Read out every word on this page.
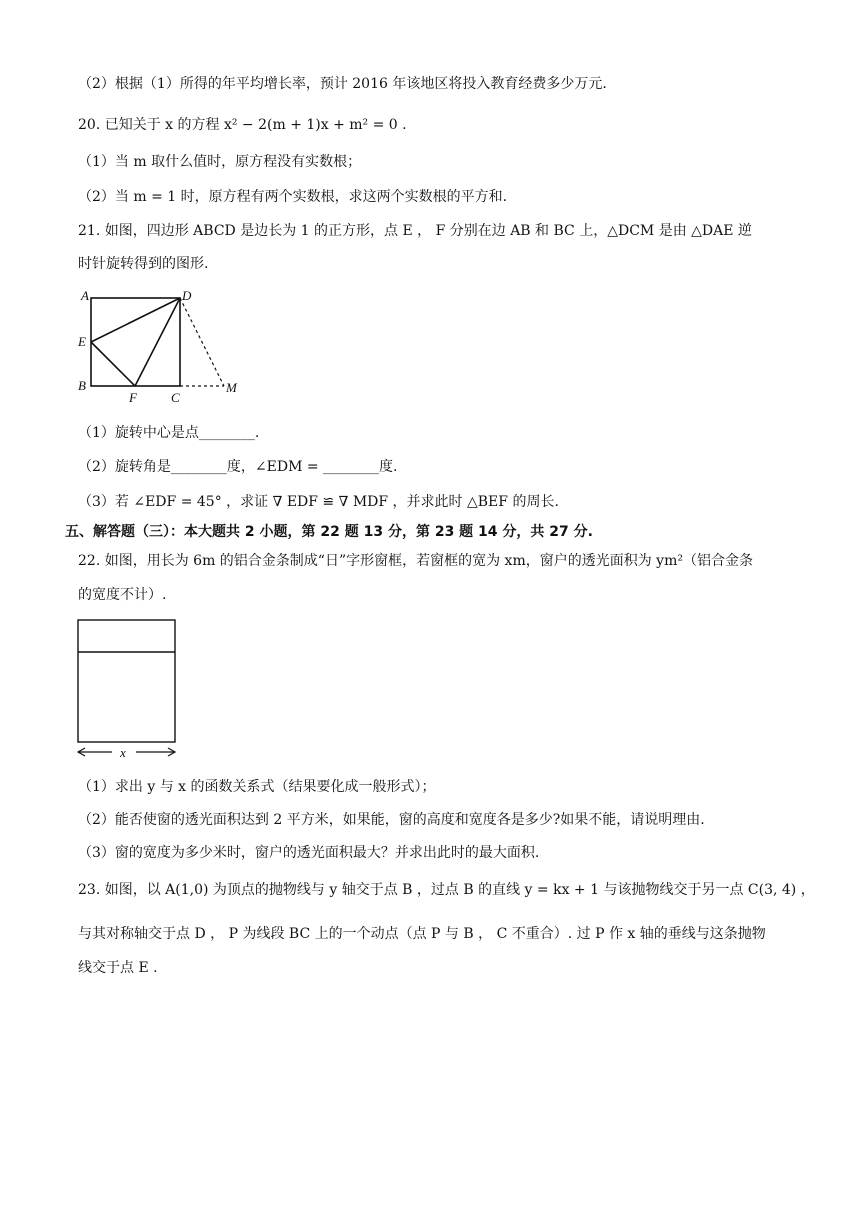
（2）根据（1）所得的年平均增长率，预计 2016 年该地区将投入教育经费多少万元.
20. 已知关于 x 的方程 x² − 2(m + 1)x + m² = 0 .
（1）当 m 取什么值时，原方程没有实数根；
（2）当 m = 1 时，原方程有两个实数根，求这两个实数根的平方和.
21. 如图，四边形 ABCD 是边长为 1 的正方形，点 E ， F 分别在边 AB 和 BC 上，△DCM 是由 △DAE 逆
时针旋转得到的图形.
A	D
E
B
F	C
M
（1）旋转中心是点________.
（2）旋转角是________度，∠EDM = ________度.
（3）若 ∠EDF = 45° ，求证 ∇ EDF ≌ ∇ MDF ，并求此时 △BEF 的周长.
五、解答题（三）：本大题共 2 小题，第 22 题 13 分，第 23 题 14 分，共 27 分.
22. 如图，用长为 6m 的铝合金条制成“日”字形窗框，若窗框的宽为 xm，窗户的透光面积为 ym²（铝合金条
的宽度不计）.
x
（1）求出 y 与 x 的函数关系式（结果要化成一般形式）；
（2）能否使窗的透光面积达到 2 平方米，如果能，窗的高度和宽度各是多少?如果不能，请说明理由.
（3）窗的宽度为多少米时，窗户的透光面积最大？并求出此时的最大面积.
23. 如图，以 A(1,0) 为顶点的抛物线与 y 轴交于点 B ，过点 B 的直线 y = kx + 1 与该抛物线交于另一点 C(3, 4) ，
与其对称轴交于点 D ， P 为线段 BC 上的一个动点（点 P 与 B ， C 不重合）. 过 P 作 x 轴的垂线与这条抛物
线交于点 E .
